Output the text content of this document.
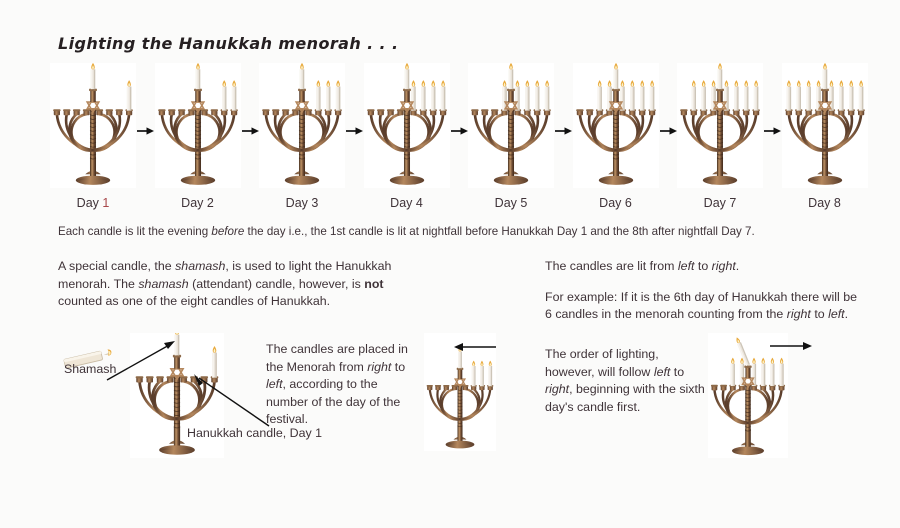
Lighting the Hanukkah menorah . . .
Day 1	Day 2	Day 3	Day 4	Day 5	Day 6	Day 7	Day 8
Each candle is lit the evening before the day i.e., the 1st candle is lit at nightfall before Hanukkah Day 1 and the 8th after nightfall Day 7.
A special candle, the shamash, is used to light the Hanukkah menorah. The shamash (attendant) candle, however, is not counted as one of the eight candles of Hanukkah.

The candles are lit from left to right.

For example: If it is the 6th day of Hanukkah there will be 6 candles in the menorah counting from the right to left.

The candles are placed in the Menorah from right to left, according to the number of the day of the festival.
The order of lighting, however, will follow left to right, beginning with the sixth day's candle first.
Shamash
Hanukkah candle, Day 1
